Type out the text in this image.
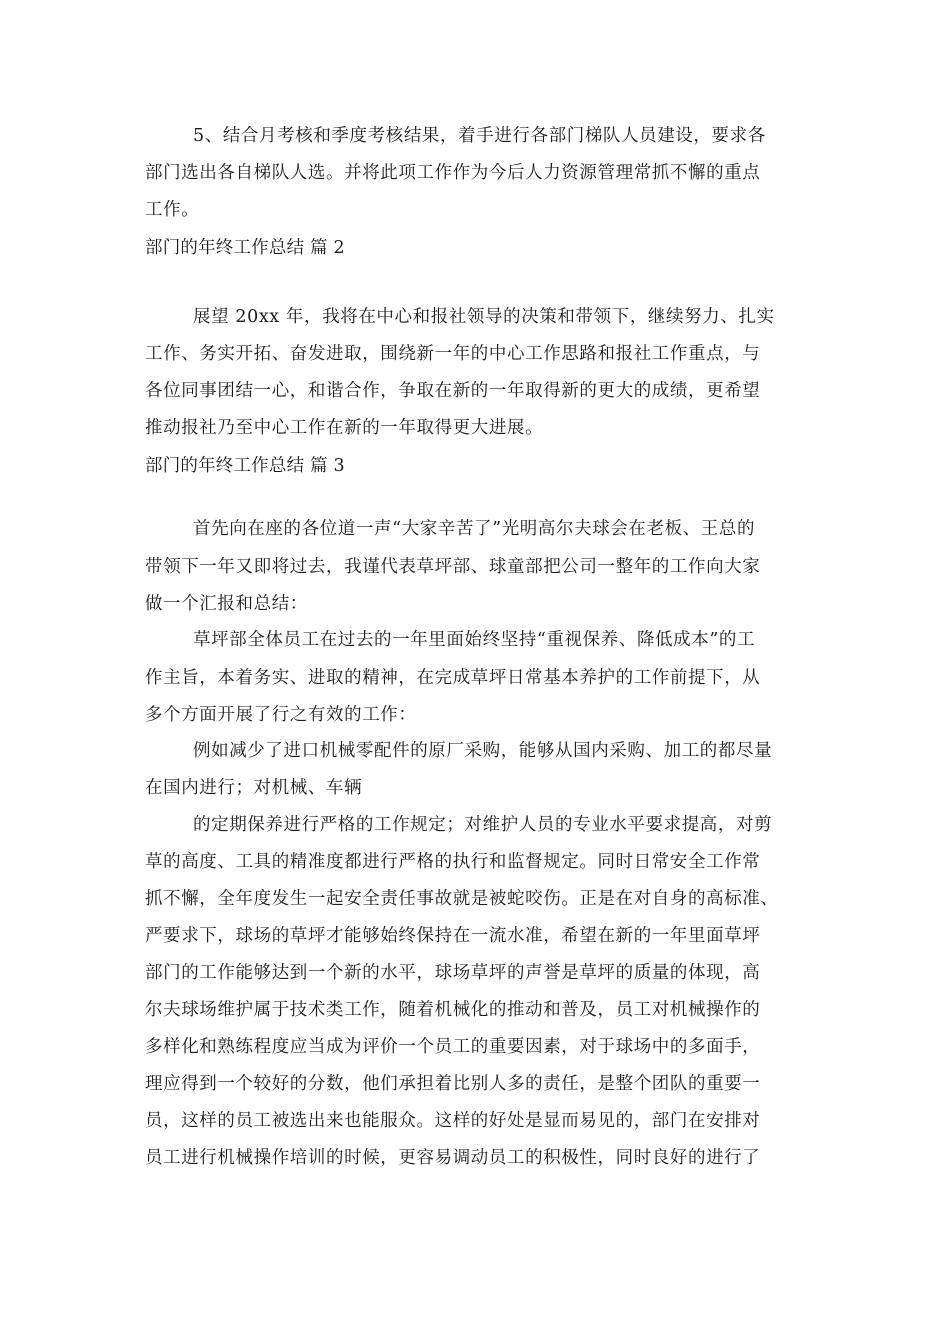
5、结合月考核和季度考核结果，着手进行各部门梯队人员建设，要求各
部门选出各自梯队人选。并将此项工作作为今后人力资源管理常抓不懈的重点
工作。
部门的年终工作总结 篇 2
展望 20xx 年，我将在中心和报社领导的决策和带领下，继续努力、扎实
工作、务实开拓、奋发进取，围绕新一年的中心工作思路和报社工作重点，与
各位同事团结一心，和谐合作，争取在新的一年取得新的更大的成绩，更希望
推动报社乃至中心工作在新的一年取得更大进展。
部门的年终工作总结 篇 3
首先向在座的各位道一声“大家辛苦了”光明高尔夫球会在老板、王总的
带领下一年又即将过去，我谨代表草坪部、球童部把公司一整年的工作向大家
做一个汇报和总结：
草坪部全体员工在过去的一年里面始终坚持“重视保养、降低成本”的工
作主旨，本着务实、进取的精神，在完成草坪日常基本养护的工作前提下，从
多个方面开展了行之有效的工作：
例如减少了进口机械零配件的原厂采购，能够从国内采购、加工的都尽量
在国内进行；对机械、车辆
的定期保养进行严格的工作规定；对维护人员的专业水平要求提高，对剪
草的高度、工具的精准度都进行严格的执行和监督规定。同时日常安全工作常
抓不懈，全年度发生一起安全责任事故就是被蛇咬伤。正是在对自身的高标准、
严要求下，球场的草坪才能够始终保持在一流水准，希望在新的一年里面草坪
部门的工作能够达到一个新的水平，球场草坪的声誉是草坪的质量的体现，高
尔夫球场维护属于技术类工作，随着机械化的推动和普及，员工对机械操作的
多样化和熟练程度应当成为评价一个员工的重要因素，对于球场中的多面手，
理应得到一个较好的分数，他们承担着比别人多的责任，是整个团队的重要一
员，这样的员工被选出来也能服众。这样的好处是显而易见的，部门在安排对
员工进行机械操作培训的时候，更容易调动员工的积极性，同时良好的进行了
